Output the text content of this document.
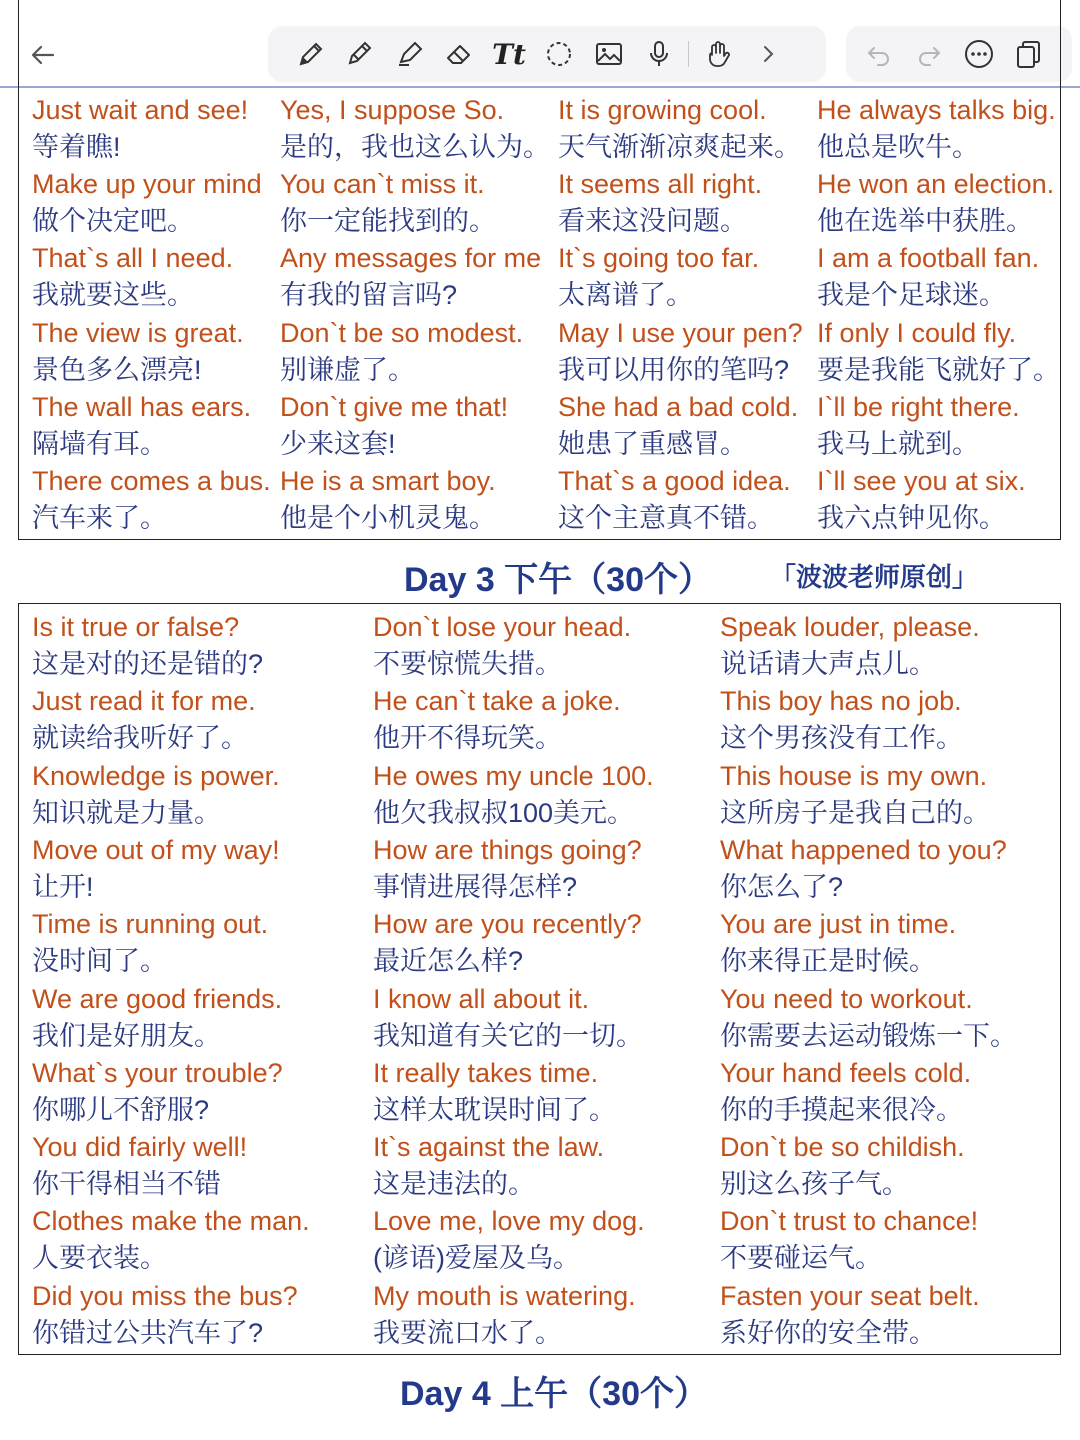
Tt
Just wait and see!
等着瞧!
Yes, I suppose So.
是的，我也这么认为。
It is growing cool.
天气渐渐凉爽起来。
He always talks big.
他总是吹牛。
Make up your mind
做个决定吧。
You can`t miss it.
你一定能找到的。
It seems all right.
看来这没问题。
He won an election.
他在选举中获胜。
That`s all I need.
我就要这些。
Any messages for me
有我的留言吗?
It`s going too far.
太离谱了。
I am a football fan.
我是个足球迷。
The view is great.
景色多么漂亮!
Don`t be so modest.
别谦虚了。
May I use your pen?
我可以用你的笔吗?
If only I could fly.
要是我能飞就好了。
The wall has ears.
隔墙有耳。
Don`t give me that!
少来这套!
She had a bad cold.
她患了重感冒。
I`ll be right there.
我马上就到。
There comes a bus.
汽车来了。
He is a smart boy.
他是个小机灵鬼。
That`s a good idea.
这个主意真不错。
I`ll see you at six.
我六点钟见你。
Day 3 下午（30个） 「波波老师原创」
Is it true or false?
这是对的还是错的?
Don`t lose your head.
不要惊慌失措。
Speak louder, please.
说话请大声点儿。
Just read it for me.
就读给我听好了。
He can`t take a joke.
他开不得玩笑。
This boy has no job.
这个男孩没有工作。
Knowledge is power.
知识就是力量。
He owes my uncle 100.
他欠我叔叔100美元。
This house is my own.
这所房子是我自己的。
Move out of my way!
让开!
How are things going?
事情进展得怎样?
What happened to you?
你怎么了?
Time is running out.
没时间了。
How are you recently?
最近怎么样?
You are just in time.
你来得正是时候。
We are good friends.
我们是好朋友。
I know all about it.
我知道有关它的一切。
You need to workout.
你需要去运动锻炼一下。
What`s your trouble?
你哪儿不舒服?
It really takes time.
这样太耽误时间了。
Your hand feels cold.
你的手摸起来很冷。
You did fairly well!
你干得相当不错
It`s against the law.
这是违法的。
Don`t be so childish.
别这么孩子气。
Clothes make the man.
人要衣装。
Love me, love my dog.
(谚语)爱屋及乌。
Don`t trust to chance!
不要碰运气。
Did you miss the bus?
你错过公共汽车了?
My mouth is watering.
我要流口水了。
Fasten your seat belt.
系好你的安全带。
Day 4 上午（30个）
